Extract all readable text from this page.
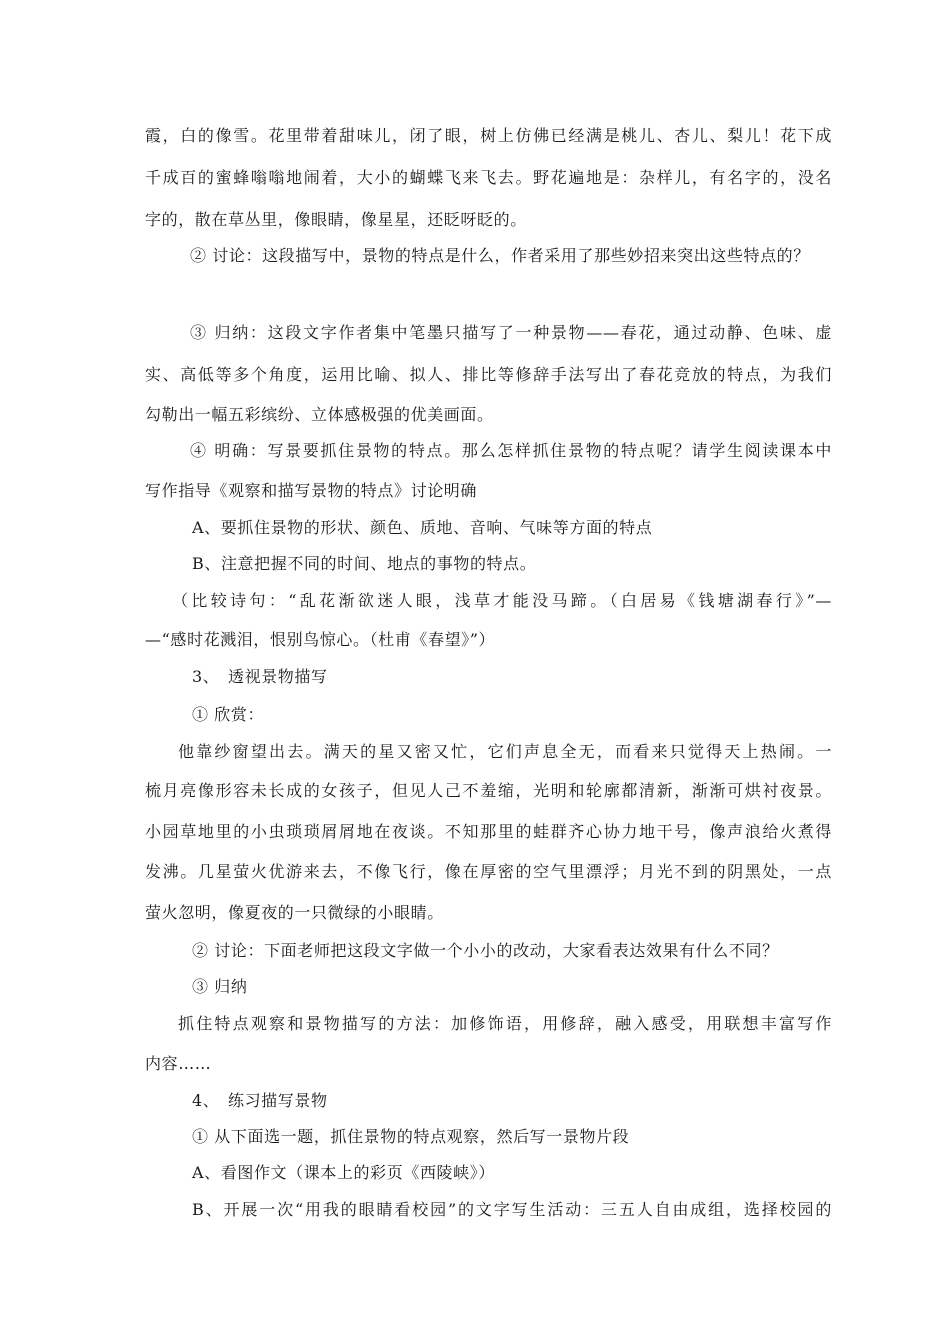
霞，白的像雪。花里带着甜味儿，闭了眼，树上仿佛已经满是桃儿、杏儿、梨儿！花下成
千成百的蜜蜂嗡嗡地闹着，大小的蝴蝶飞来飞去。野花遍地是：杂样儿，有名字的，没名
字的，散在草丛里，像眼睛，像星星，还眨呀眨的。
② 讨论：这段描写中，景物的特点是什么，作者采用了那些妙招来突出这些特点的？
③ 归纳：这段文字作者集中笔墨只描写了一种景物——春花，通过动静、色味、虚
实、高低等多个角度，运用比喻、拟人、排比等修辞手法写出了春花竞放的特点，为我们
勾勒出一幅五彩缤纷、立体感极强的优美画面。
④ 明确：写景要抓住景物的特点。那么怎样抓住景物的特点呢？请学生阅读课本中
写作指导《观察和描写景物的特点》讨论明确
A、要抓住景物的形状、颜色、质地、音响、气味等方面的特点
B、注意把握不同的时间、地点的事物的特点。
（比较诗句：“乱花渐欲迷人眼，浅草才能没马蹄。（白居易《钱塘湖春行》”—
—“感时花溅泪，恨别鸟惊心。（杜甫《春望》”）
3、　透视景物描写
① 欣赏：
他靠纱窗望出去。满天的星又密又忙，它们声息全无，而看来只觉得天上热闹。一
梳月亮像形容未长成的女孩子，但见人己不羞缩，光明和轮廓都清新，渐渐可烘衬夜景。
小园草地里的小虫琐琐屑屑地在夜谈。不知那里的蛙群齐心协力地干号，像声浪给火煮得
发沸。几星萤火优游来去，不像飞行，像在厚密的空气里漂浮；月光不到的阴黑处，一点
萤火忽明，像夏夜的一只微绿的小眼睛。
② 讨论：下面老师把这段文字做一个小小的改动，大家看表达效果有什么不同？
③ 归纳
抓住特点观察和景物描写的方法：加修饰语，用修辞，融入感受，用联想丰富写作
内容……
4、　练习描写景物
① 从下面选一题，抓住景物的特点观察，然后写一景物片段
A、看图作文（课本上的彩页《西陵峡》）
B、开展一次“用我的眼睛看校园”的文字写生活动：三五人自由成组，选择校园的
